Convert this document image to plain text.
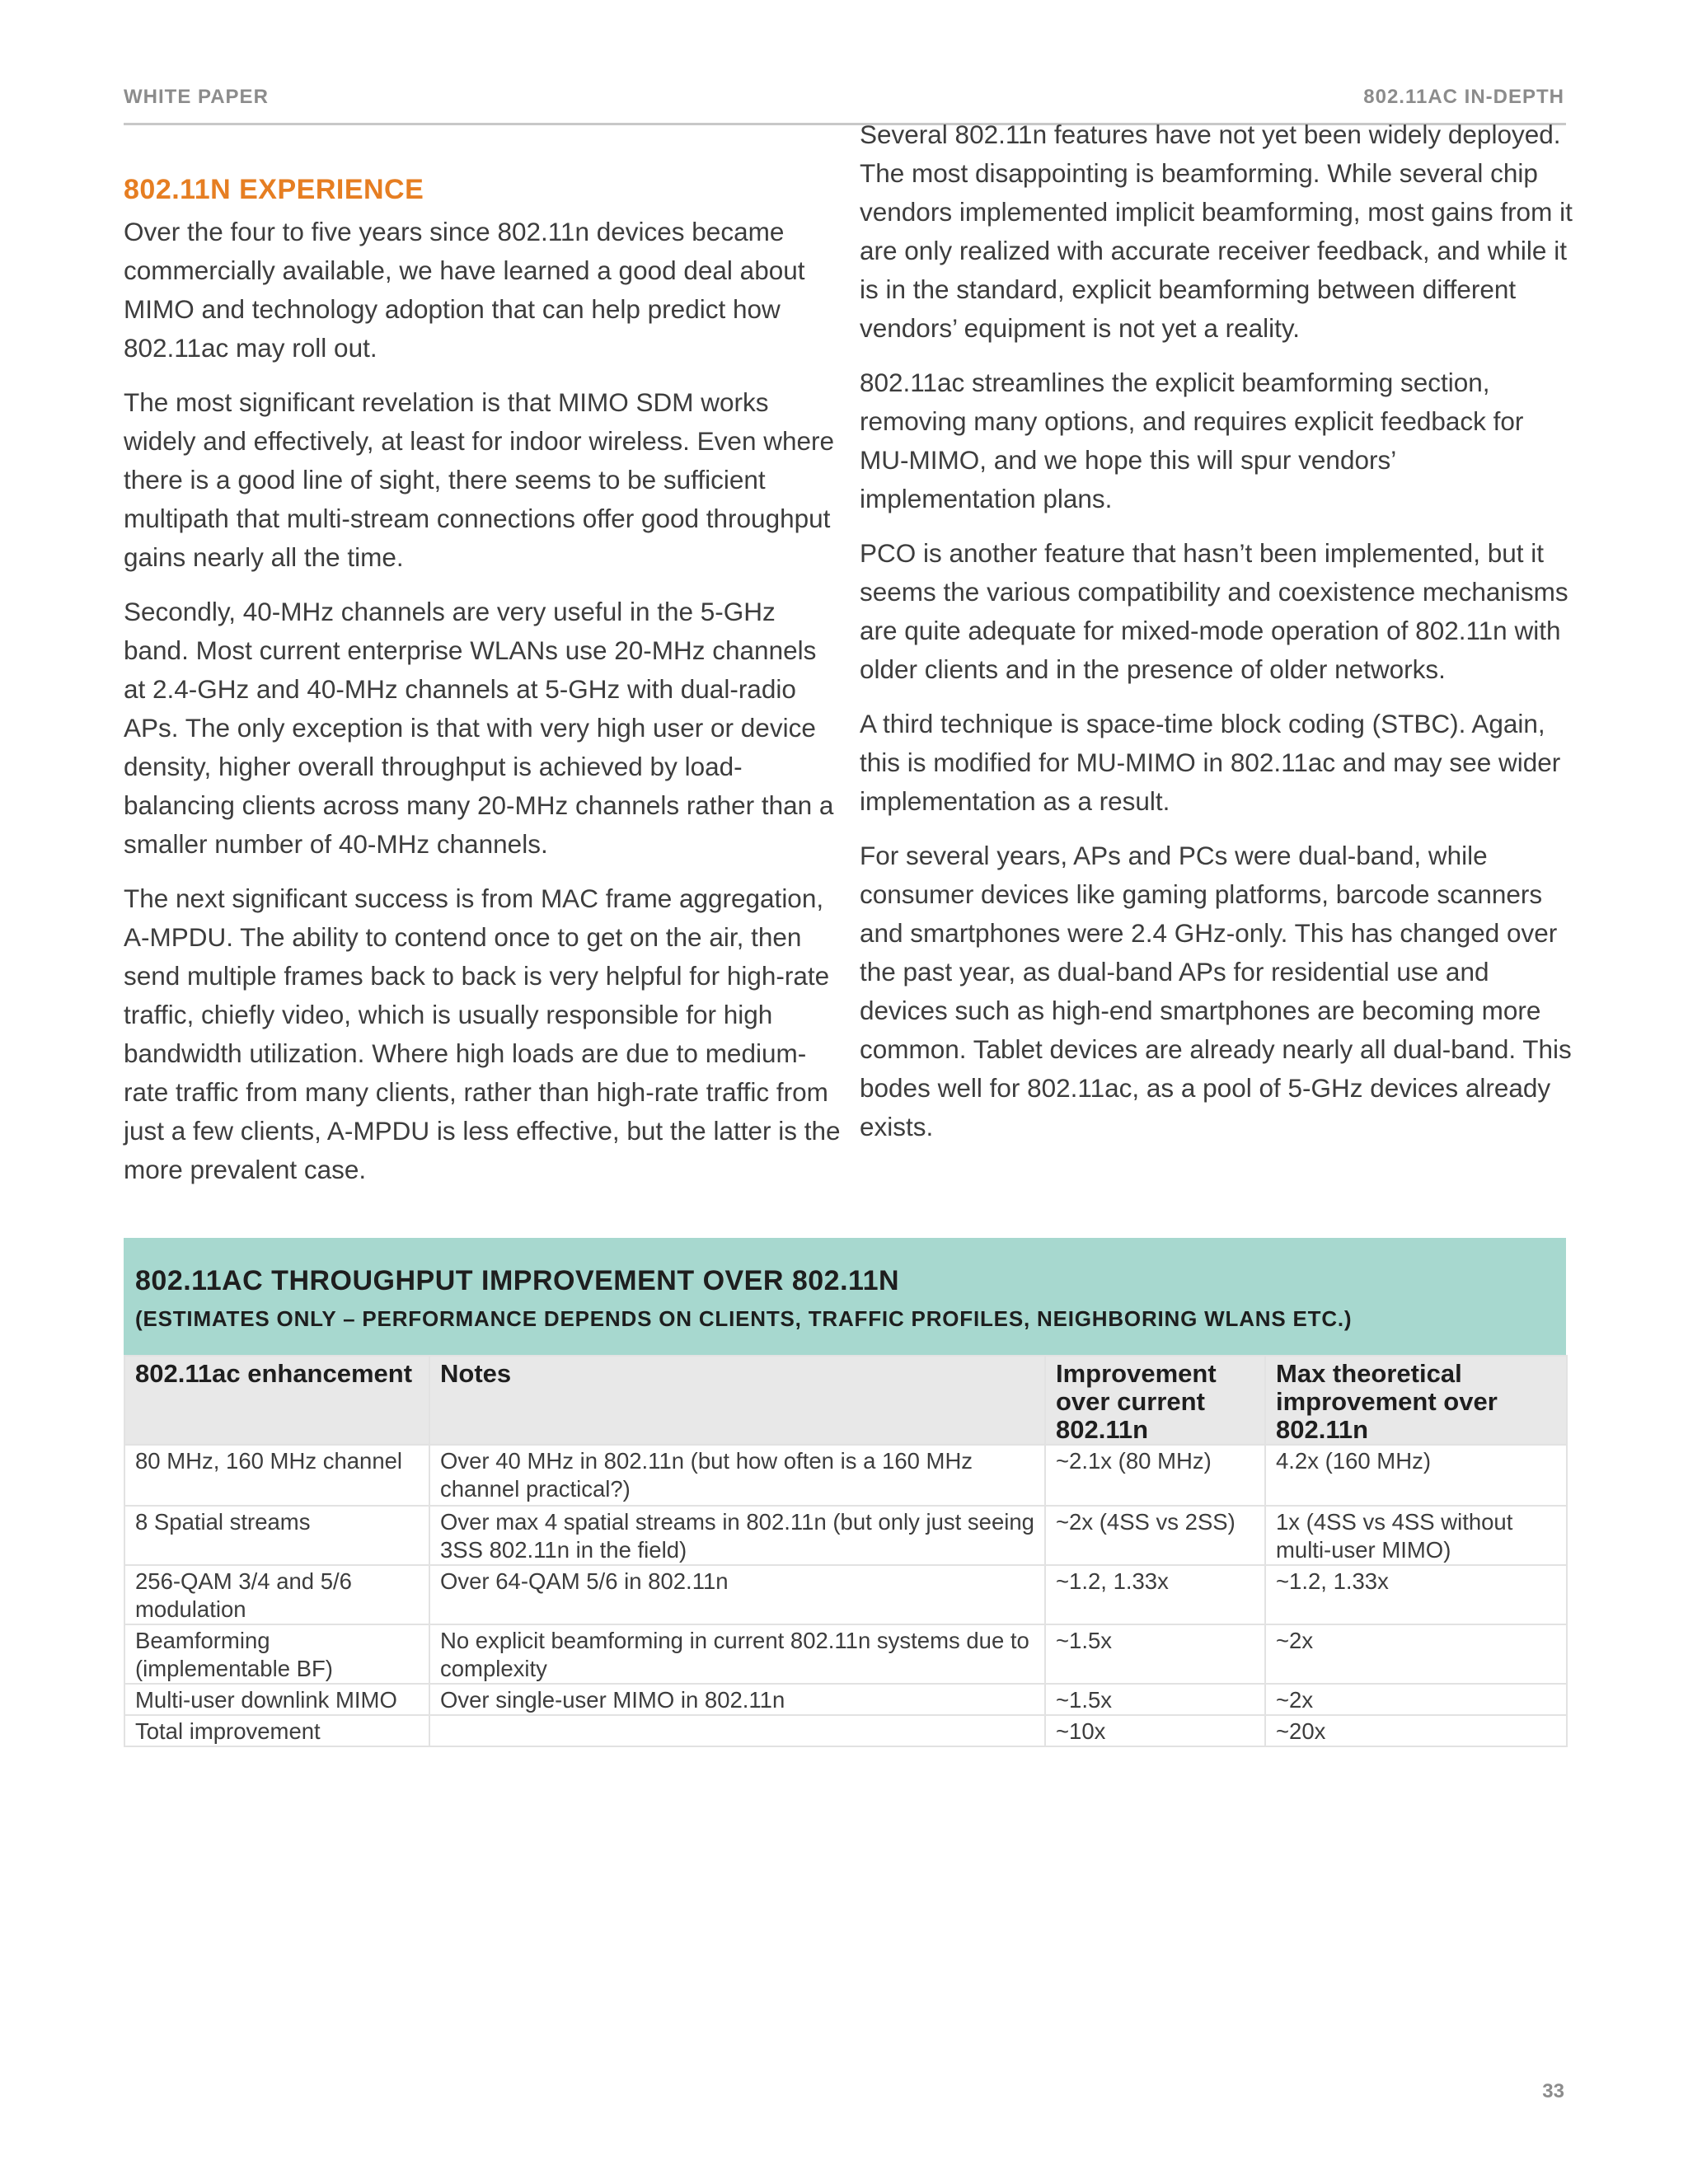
WHITE PAPER	802.11AC IN-DEPTH
802.11N EXPERIENCE

Over the four to five years since 802.11n devices became commercially available, we have learned a good deal about MIMO and technology adoption that can help predict how 802.11ac may roll out.

The most significant revelation is that MIMO SDM works widely and effectively, at least for indoor wireless. Even where there is a good line of sight, there seems to be sufficient multipath that multi-stream connections offer good throughput gains nearly all the time.

Secondly, 40-MHz channels are very useful in the 5-GHz band. Most current enterprise WLANs use 20-MHz channels at 2.4-GHz and 40-MHz channels at 5-GHz with dual-radio APs. The only exception is that with very high user or device density, higher overall throughput is achieved by load-balancing clients across many 20-MHz channels rather than a smaller number of 40-MHz channels.

The next significant success is from MAC frame aggregation, A-MPDU. The ability to contend once to get on the air, then send multiple frames back to back is very helpful for high-rate traffic, chiefly video, which is usually responsible for high bandwidth utilization. Where high loads are due to medium-rate traffic from many clients, rather than high-rate traffic from just a few clients, A-MPDU is less effective, but the latter is the more prevalent case.

Several 802.11n features have not yet been widely deployed. The most disappointing is beamforming. While several chip vendors implemented implicit beamforming, most gains from it are only realized with accurate receiver feedback, and while it is in the standard, explicit beamforming between different vendors’ equipment is not yet a reality.

802.11ac streamlines the explicit beamforming section, removing many options, and requires explicit feedback for MU-MIMO, and we hope this will spur vendors’ implementation plans.

PCO is another feature that hasn’t been implemented, but it seems the various compatibility and coexistence mechanisms are quite adequate for mixed-mode operation of 802.11n with older clients and in the presence of older networks.

A third technique is space-time block coding (STBC). Again, this is modified for MU-MIMO in 802.11ac and may see wider implementation as a result.

For several years, APs and PCs were dual-band, while consumer devices like gaming platforms, barcode scanners and smartphones were 2.4 GHz-only. This has changed over the past year, as dual-band APs for residential use and devices such as high-end smartphones are becoming more common. Tablet devices are already nearly all dual-band. This bodes well for 802.11ac, as a pool of 5-GHz devices already exists.

802.11AC THROUGHPUT IMPROVEMENT OVER 802.11N
(ESTIMATES ONLY – PERFORMANCE DEPENDS ON CLIENTS, TRAFFIC PROFILES, NEIGHBORING WLANS ETC.)
802.11ac enhancement	Notes	Improvement over current 802.11n	Max theoretical improvement over 802.11n
80 MHz, 160 MHz channel	Over 40 MHz in 802.11n (but how often is a 160 MHz channel practical?)	~2.1x (80 MHz)	4.2x (160 MHz)
8 Spatial streams	Over max 4 spatial streams in 802.11n (but only just seeing 3SS 802.11n in the field)	~2x (4SS vs 2SS)	1x (4SS vs 4SS without multi-user MIMO)
256-QAM 3/4 and 5/6 modulation	Over 64-QAM 5/6 in 802.11n	~1.2, 1.33x	~1.2, 1.33x
Beamforming (implementable BF)	No explicit beamforming in current 802.11n systems due to complexity	~1.5x	~2x
Multi-user downlink MIMO	Over single-user MIMO in 802.11n	~1.5x	~2x
Total improvement		~10x	~20x
33
